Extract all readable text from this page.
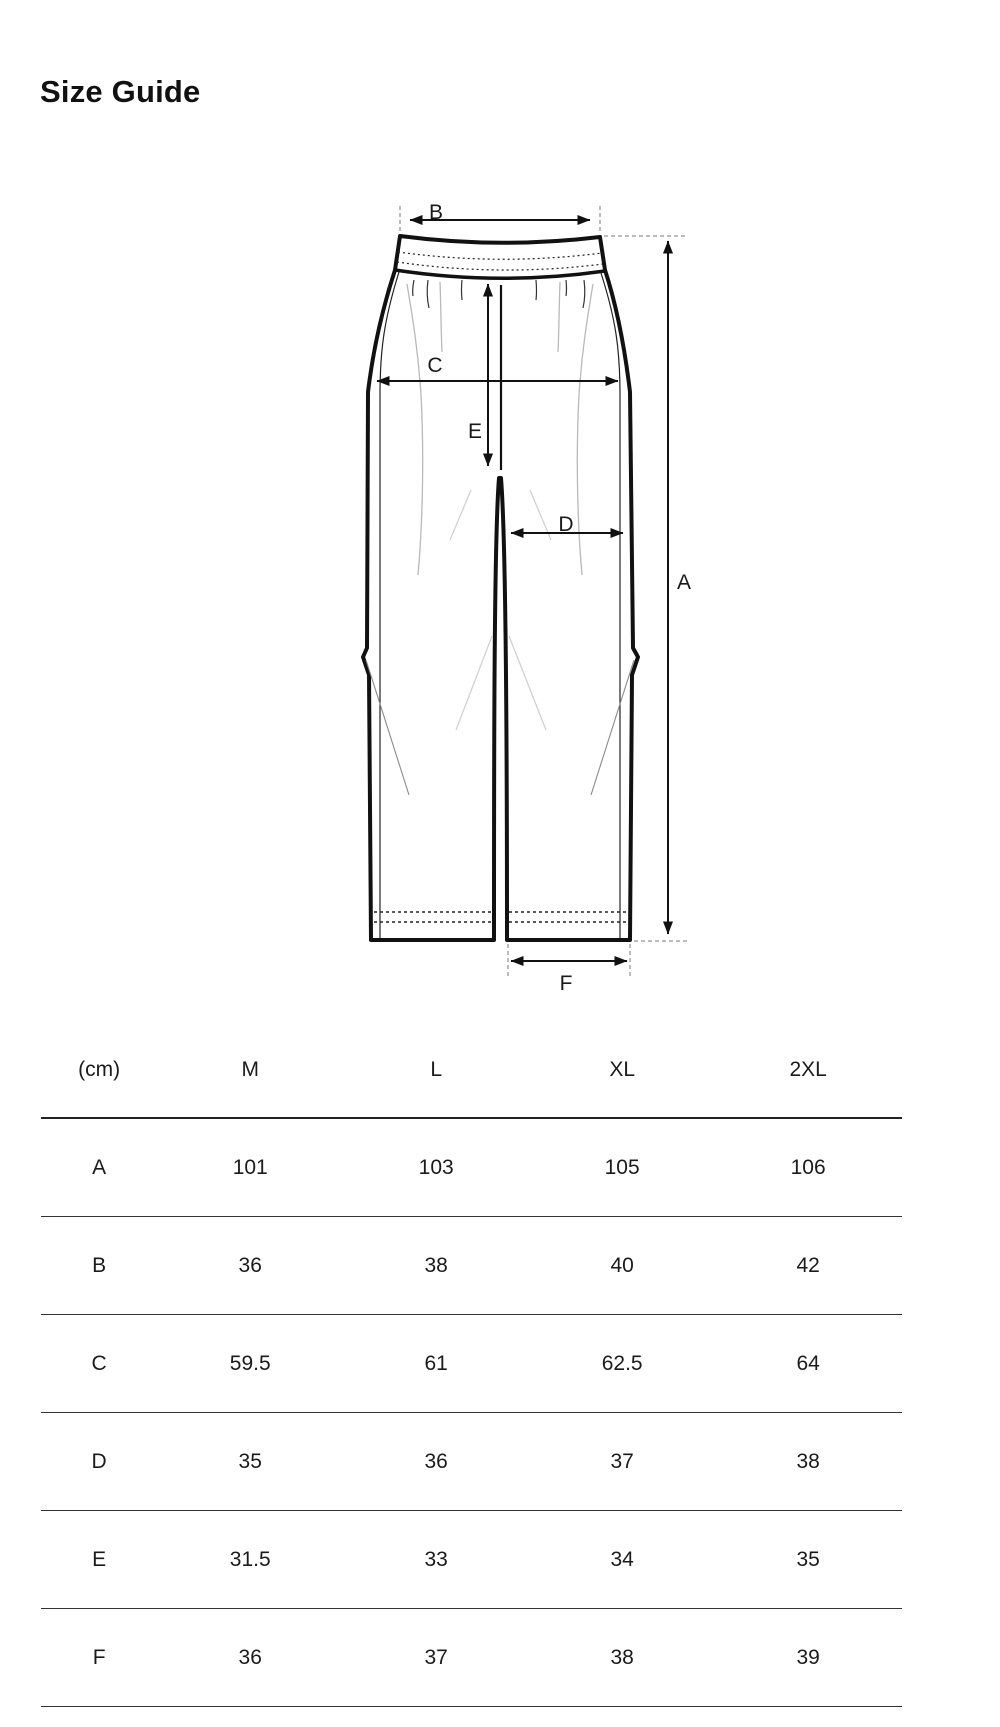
Size Guide
B
C
E
D
A
F
(cm)	M	L	XL	2XL
A	101	103	105	106
B	36	38	40	42
C	59.5	61	62.5	64
D	35	36	37	38
E	31.5	33	34	35
F	36	37	38	39
